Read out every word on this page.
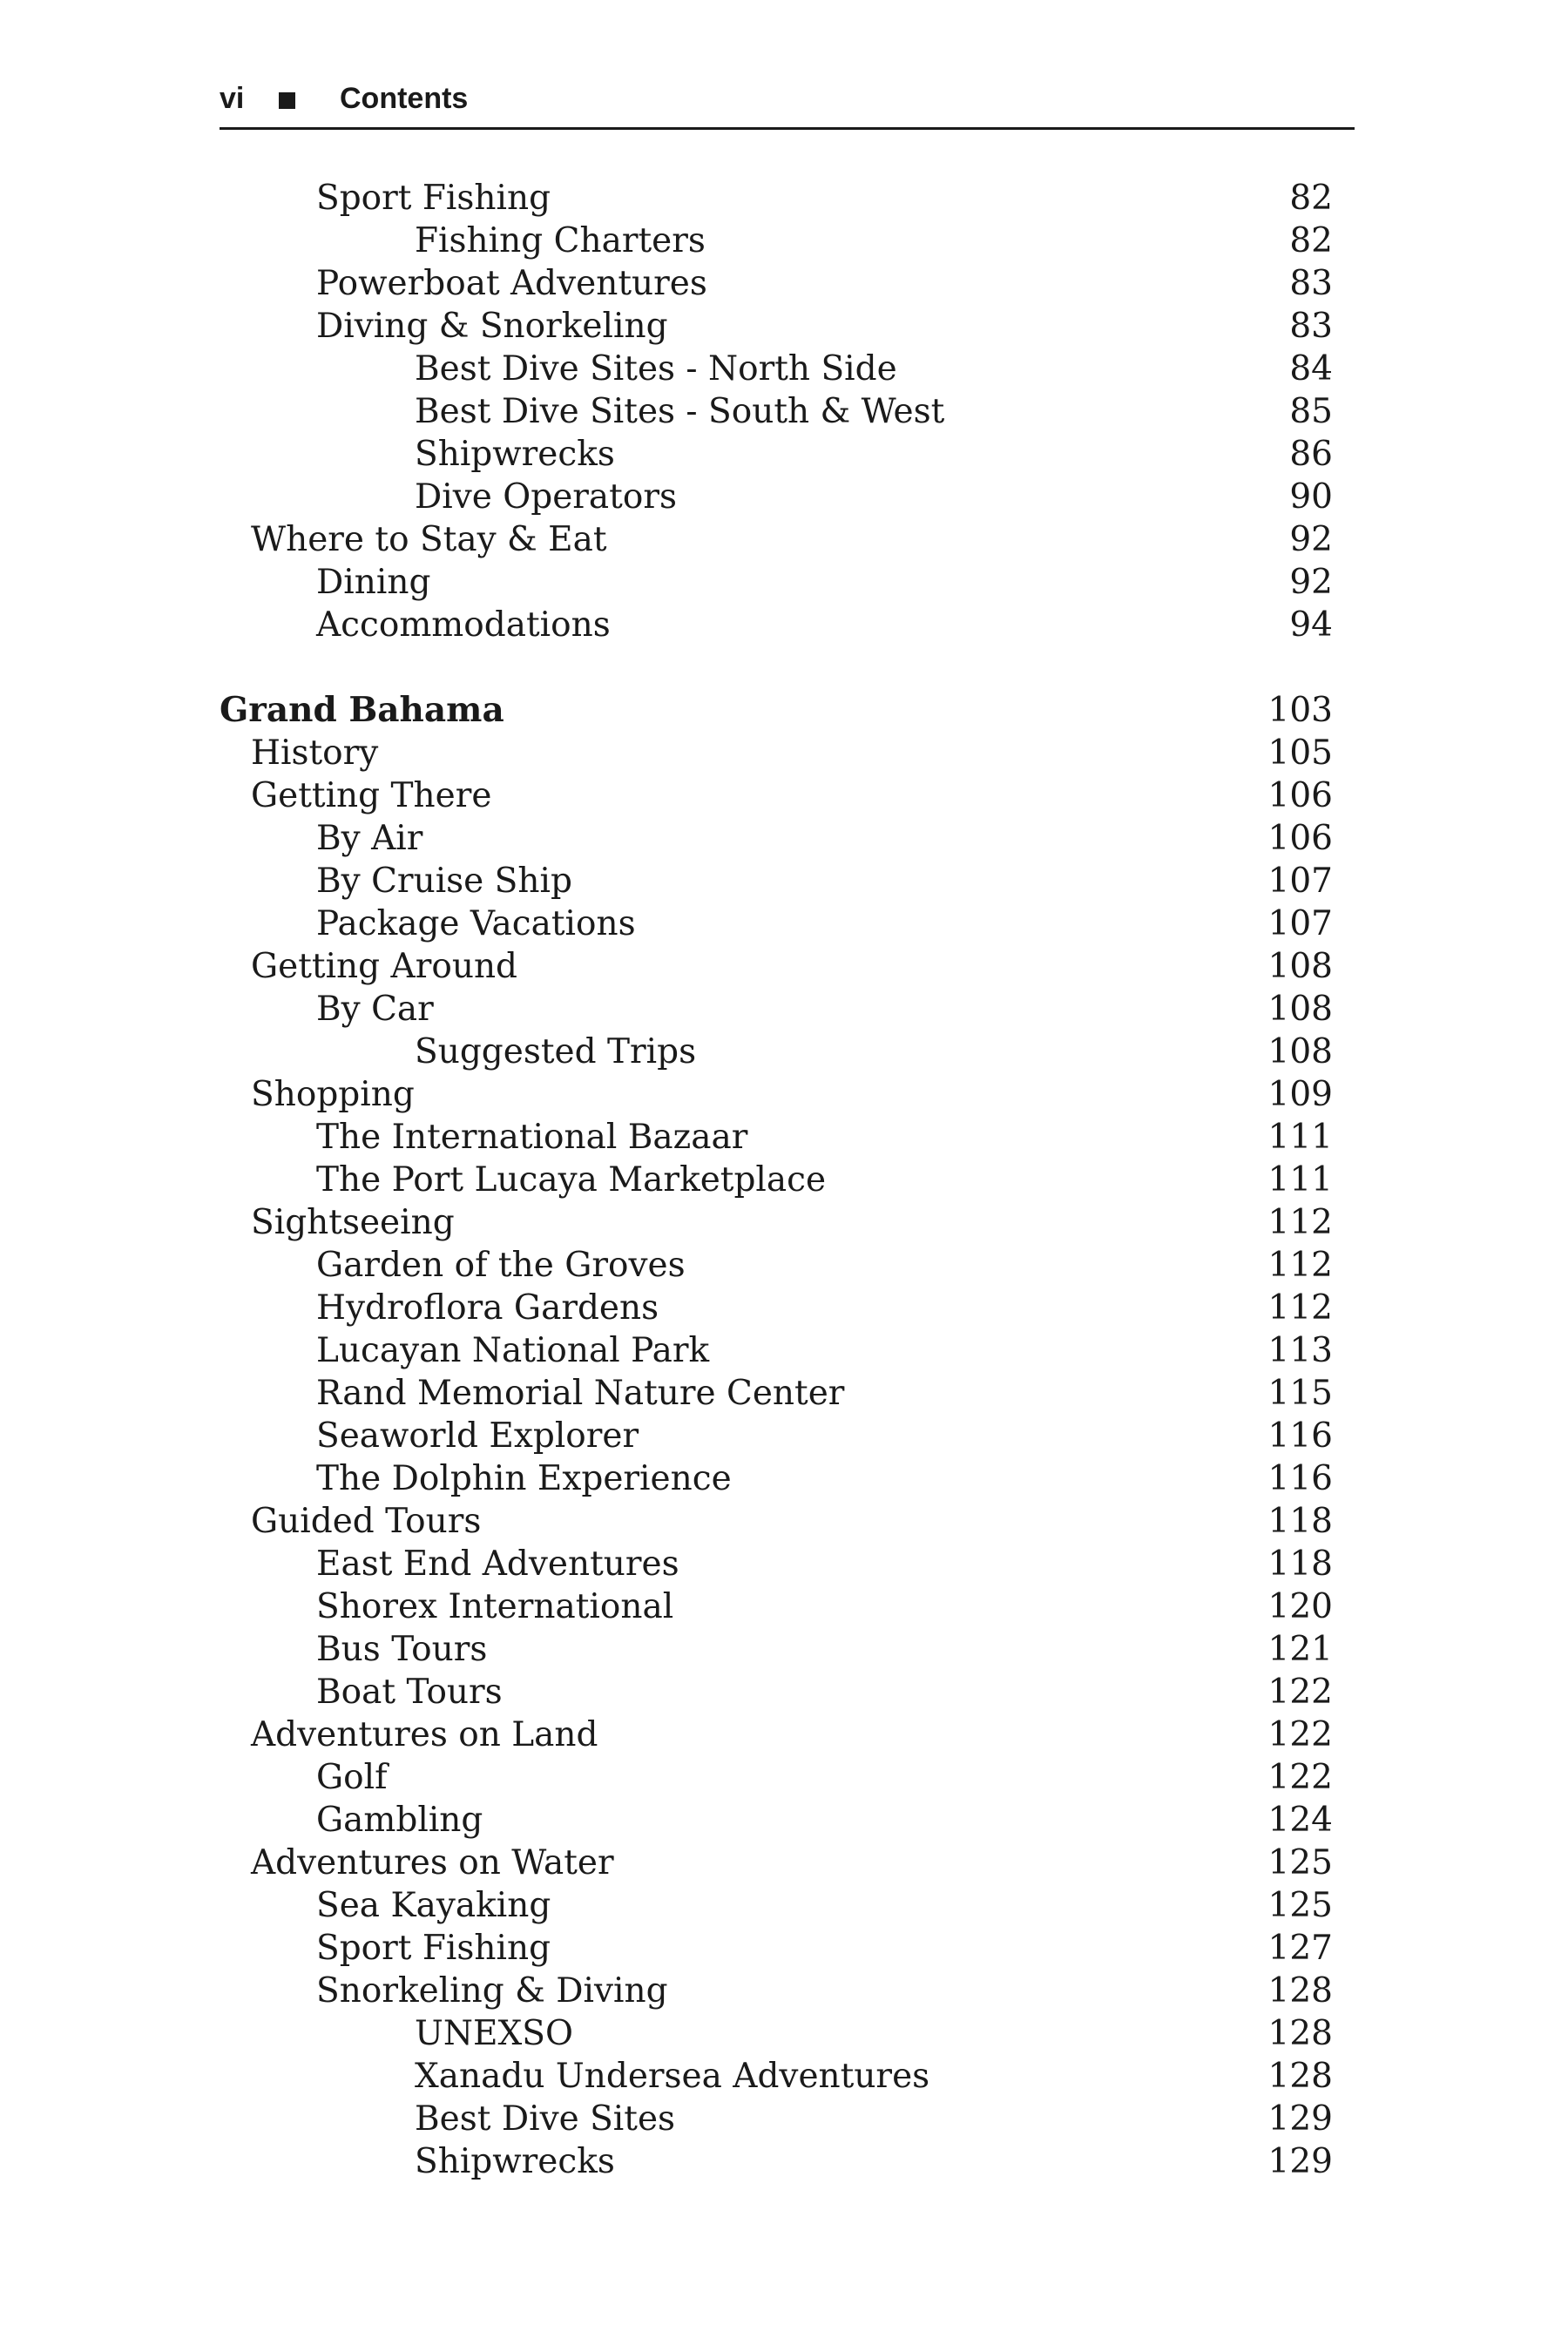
vi	Contents
Sport Fishing	82
Fishing Charters	82
Powerboat Adventures	83
Diving & Snorkeling	83
Best Dive Sites - North Side	84
Best Dive Sites - South & West	85
Shipwrecks	86
Dive Operators	90
Where to Stay & Eat	92
Dining	92
Accommodations	94
Grand Bahama	103
History	105
Getting There	106
By Air	106
By Cruise Ship	107
Package Vacations	107
Getting Around	108
By Car	108
Suggested Trips	108
Shopping	109
The International Bazaar	111
The Port Lucaya Marketplace	111
Sightseeing	112
Garden of the Groves	112
Hydroflora Gardens	112
Lucayan National Park	113
Rand Memorial Nature Center	115
Seaworld Explorer	116
The Dolphin Experience	116
Guided Tours	118
East End Adventures	118
Shorex International	120
Bus Tours	121
Boat Tours	122
Adventures on Land	122
Golf	122
Gambling	124
Adventures on Water	125
Sea Kayaking	125
Sport Fishing	127
Snorkeling & Diving	128
UNEXSO	128
Xanadu Undersea Adventures	128
Best Dive Sites	129
Shipwrecks	129
